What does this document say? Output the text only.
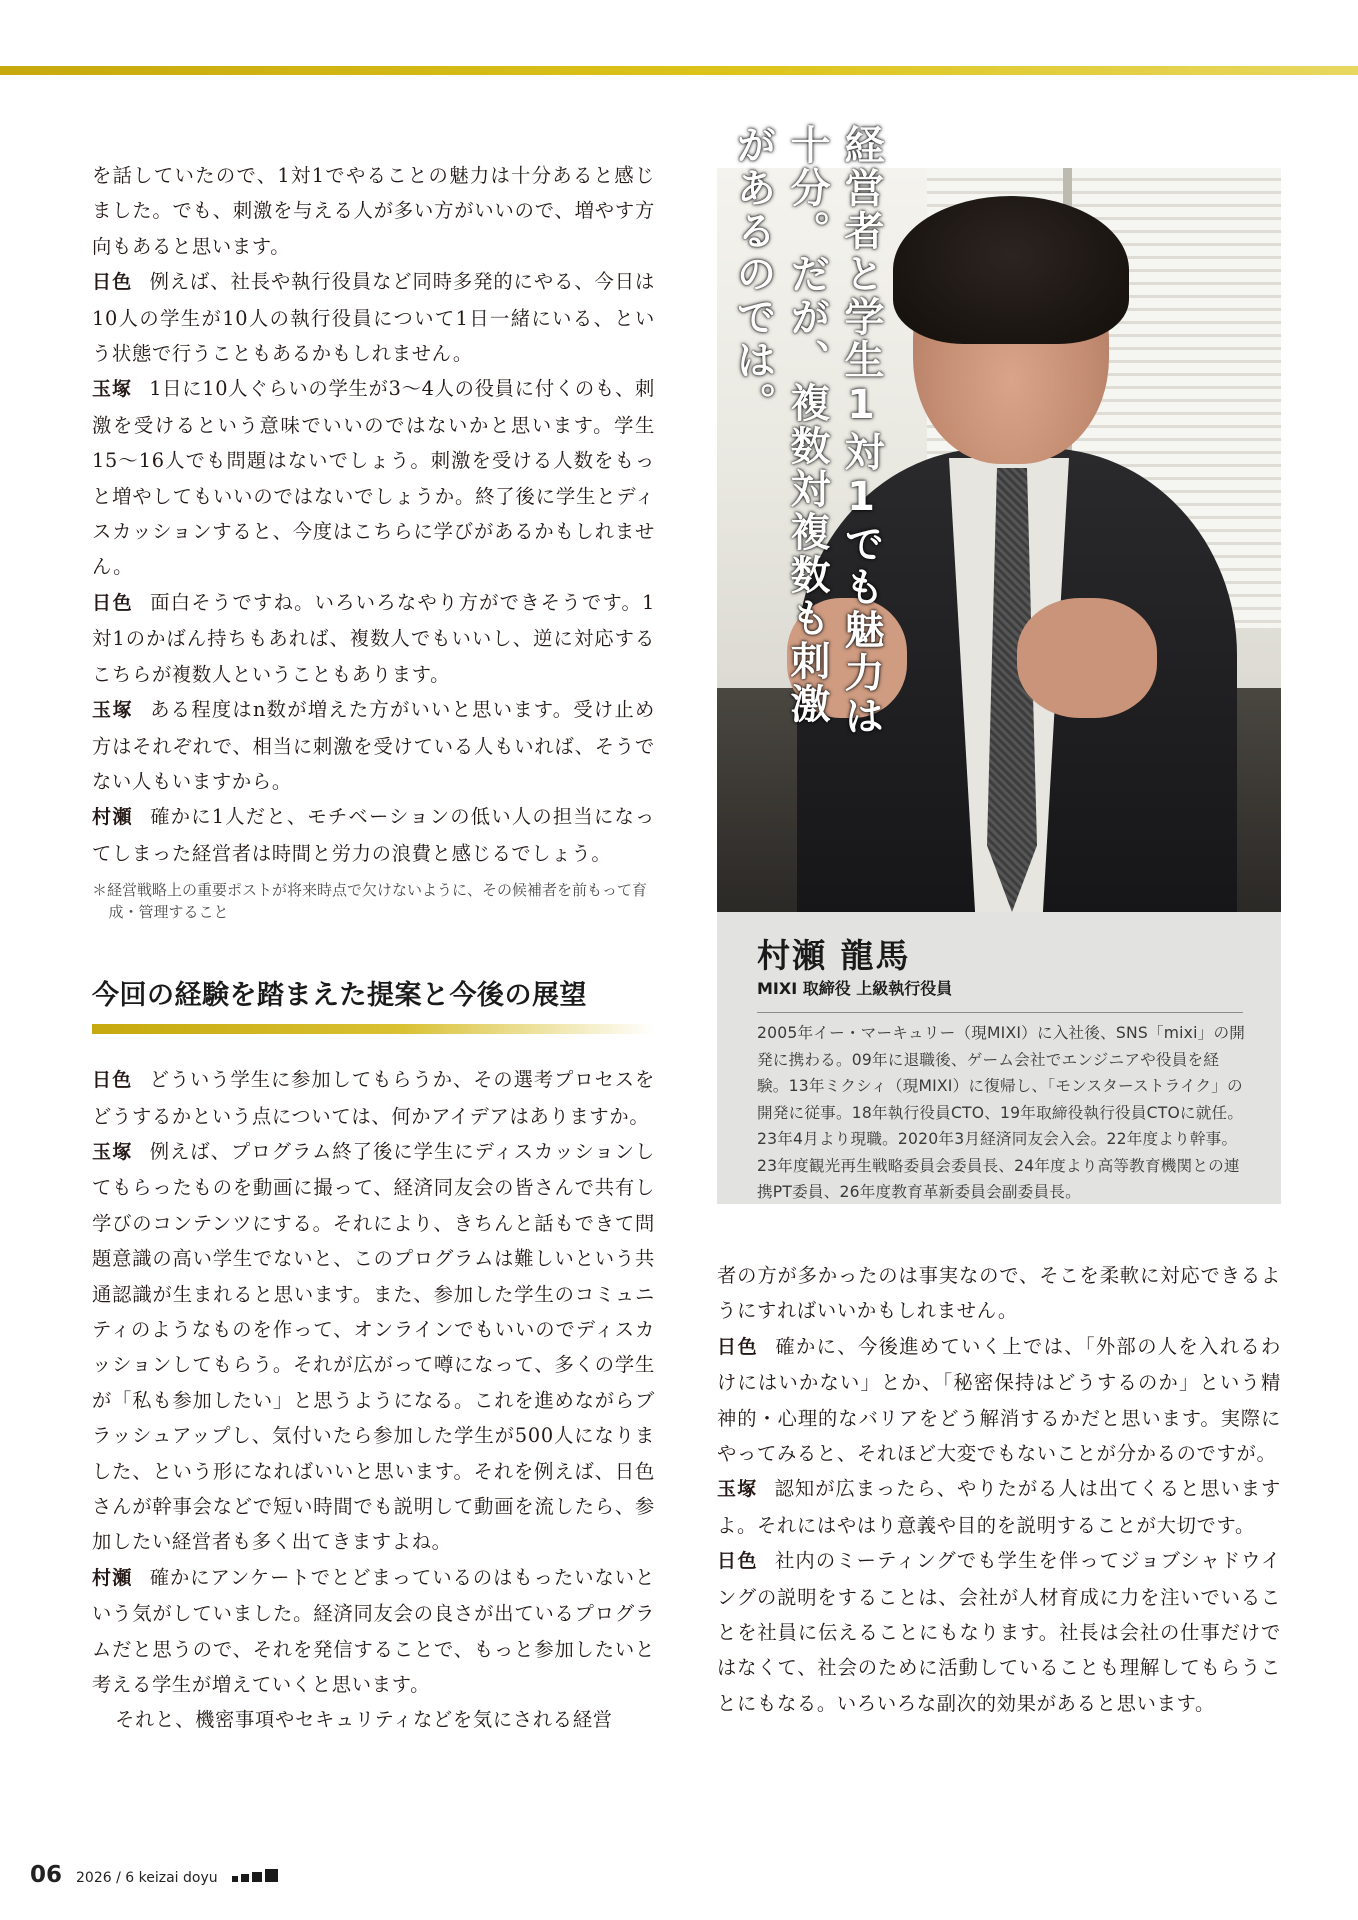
経営者と学生1対1でも魅力は十分。だが、複数対複数も刺激があるのでは。
村瀬 龍馬
MIXI 取締役 上級執行役員
2005年イー・マーキュリー（現MIXI）に入社後、SNS「mixi」の開発に携わる。09年に退職後、ゲーム会社でエンジニアや役員を経験。13年ミクシィ（現MIXI）に復帰し、「モンスターストライク」の開発に従事。18年執行役員CTO、19年取締役執行役員CTOに就任。23年4月より現職。2020年3月経済同友会入会。22年度より幹事。23年度観光再生戦略委員会委員長、24年度より高等教育機関との連携PT委員、26年度教育革新委員会副委員長。

を話していたので、1対1でやることの魅力は十分あると感じました。でも、刺激を与える人が多い方がいいので、増やす方向もあると思います。

日色 例えば、社長や執行役員など同時多発的にやる、今日は10人の学生が10人の執行役員について1日一緒にいる、という状態で行うこともあるかもしれません。

玉塚 1日に10人ぐらいの学生が3～4人の役員に付くのも、刺激を受けるという意味でいいのではないかと思います。学生15～16人でも問題はないでしょう。刺激を受ける人数をもっと増やしてもいいのではないでしょうか。終了後に学生とディスカッションすると、今度はこちらに学びがあるかもしれません。

日色 面白そうですね。いろいろなやり方ができそうです。1対1のかばん持ちもあれば、複数人でもいいし、逆に対応するこちらが複数人ということもあります。

玉塚 ある程度はn数が増えた方がいいと思います。受け止め方はそれぞれで、相当に刺激を受けている人もいれば、そうでない人もいますから。

村瀬 確かに1人だと、モチベーションの低い人の担当になってしまった経営者は時間と労力の浪費と感じるでしょう。

＊経営戦略上の重要ポストが将来時点で欠けないように、その候補者を前もって育成・管理すること
今回の経験を踏まえた提案と今後の展望

日色 どういう学生に参加してもらうか、その選考プロセスをどうするかという点については、何かアイデアはありますか。

玉塚 例えば、プログラム終了後に学生にディスカッションしてもらったものを動画に撮って、経済同友会の皆さんで共有し学びのコンテンツにする。それにより、きちんと話もできて問題意識の高い学生でないと、このプログラムは難しいという共通認識が生まれると思います。また、参加した学生のコミュニティのようなものを作って、オンラインでもいいのでディスカッションしてもらう。それが広がって噂になって、多くの学生が「私も参加したい」と思うようになる。これを進めながらブラッシュアップし、気付いたら参加した学生が500人になりました、という形になればいいと思います。それを例えば、日色さんが幹事会などで短い時間でも説明して動画を流したら、参加したい経営者も多く出てきますよね。

村瀬 確かにアンケートでとどまっているのはもったいないという気がしていました。経済同友会の良さが出ているプログラムだと思うので、それを発信することで、もっと参加したいと考える学生が増えていくと思います。

それと、機密事項やセキュリティなどを気にされる経営

者の方が多かったのは事実なので、そこを柔軟に対応できるようにすればいいかもしれません。

日色 確かに、今後進めていく上では、「外部の人を入れるわけにはいかない」とか、「秘密保持はどうするのか」という精神的・心理的なバリアをどう解消するかだと思います。実際にやってみると、それほど大変でもないことが分かるのですが。

玉塚 認知が広まったら、やりたがる人は出てくると思いますよ。それにはやはり意義や目的を説明することが大切です。

日色 社内のミーティングでも学生を伴ってジョブシャドウイングの説明をすることは、会社が人材育成に力を注いでいることを社員に伝えることにもなります。社長は会社の仕事だけではなくて、社会のために活動していることも理解してもらうことにもなる。いろいろな副次的効果があると思います。

06 2026 / 6 keizai doyu
